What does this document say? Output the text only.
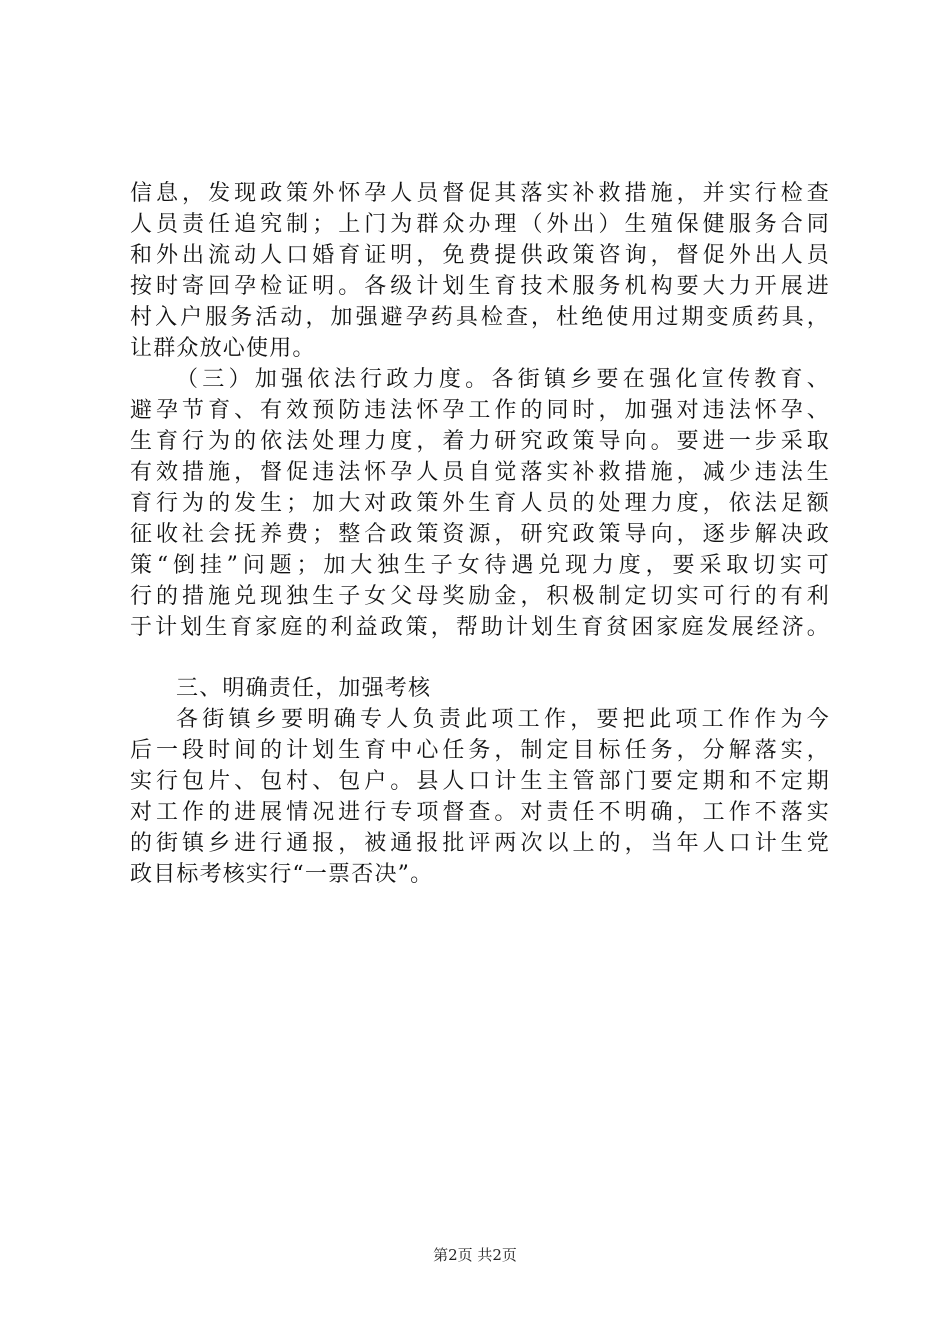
信息，发现政策外怀孕人员督促其落实补救措施，并实行检查
人员责任追究制；上门为群众办理（外出）生殖保健服务合同
和外出流动人口婚育证明，免费提供政策咨询，督促外出人员
按时寄回孕检证明。各级计划生育技术服务机构要大力开展进
村入户服务活动，加强避孕药具检查，杜绝使用过期变质药具，
让群众放心使用。
（三）加强依法行政力度。各街镇乡要在强化宣传教育、
避孕节育、有效预防违法怀孕工作的同时，加强对违法怀孕、
生育行为的依法处理力度，着力研究政策导向。要进一步采取
有效措施，督促违法怀孕人员自觉落实补救措施，减少违法生
育行为的发生；加大对政策外生育人员的处理力度，依法足额
征收社会抚养费；整合政策资源，研究政策导向，逐步解决政
策“倒挂”问题；加大独生子女待遇兑现力度，要采取切实可
行的措施兑现独生子女父母奖励金，积极制定切实可行的有利
于计划生育家庭的利益政策，帮助计划生育贫困家庭发展经济。
三、明确责任，加强考核
各街镇乡要明确专人负责此项工作，要把此项工作作为今
后一段时间的计划生育中心任务，制定目标任务，分解落实，
实行包片、包村、包户。县人口计生主管部门要定期和不定期
对工作的进展情况进行专项督查。对责任不明确，工作不落实
的街镇乡进行通报，被通报批评两次以上的，当年人口计生党
政目标考核实行“一票否决”。
第2页 共2页
